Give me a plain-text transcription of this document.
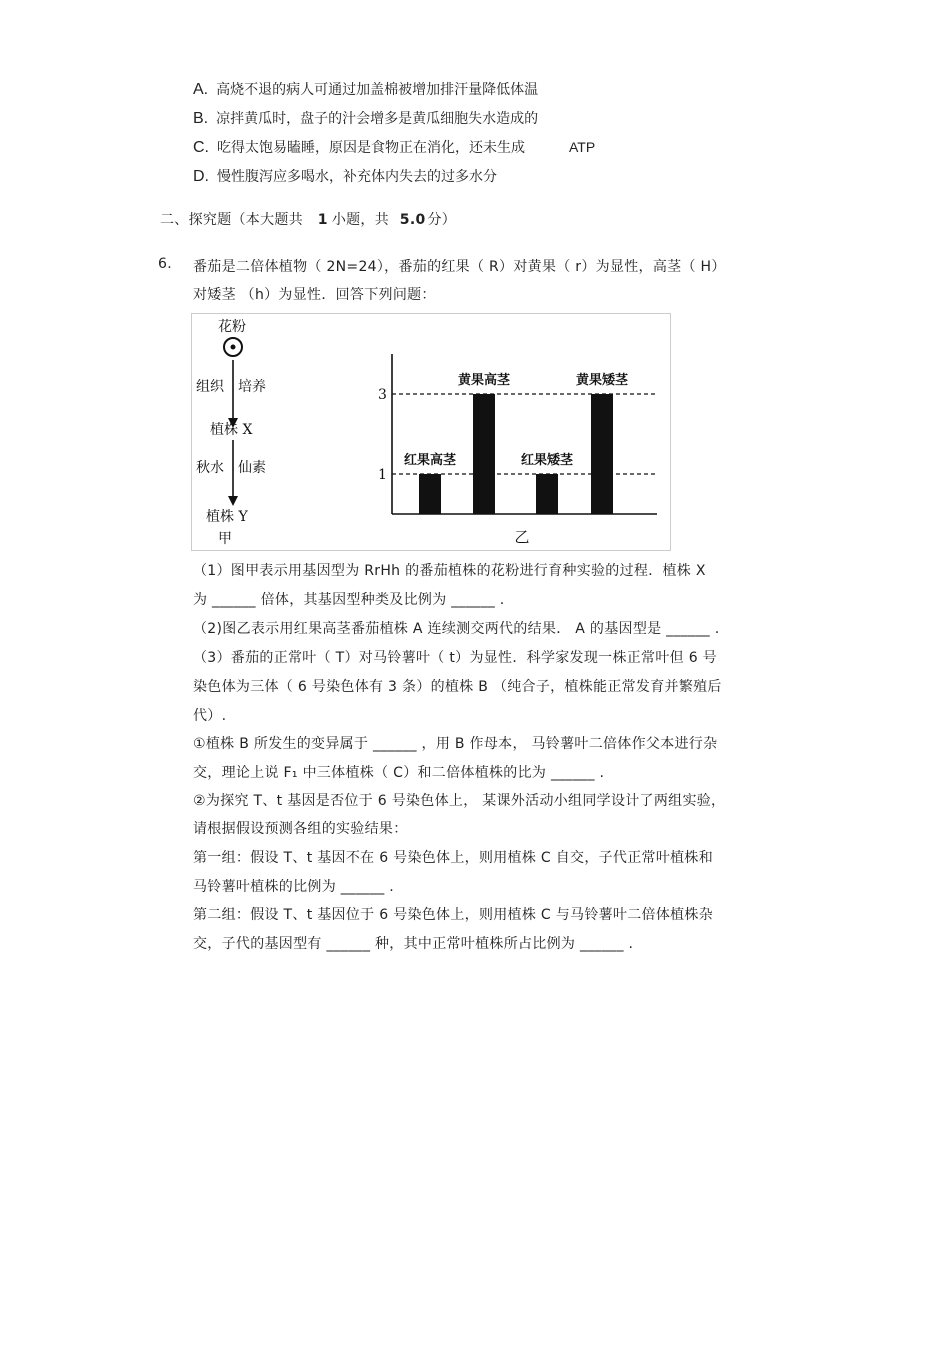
A. 高烧不退的病人可通过加盖棉被增加排汗量降低体温
B. 凉拌黄瓜时，盘子的汁会增多是黄瓜细胞失水造成的
C. 吃得太饱易瞌睡，原因是食物正在消化，还未生成	ATP
D. 慢性腹泻应多喝水，补充体内失去的过多水分
二、探究题（本大题共 1 小题，共 5.0 分）
6. 番茄是二倍体植物（ 2N=24），番茄的红果（ R）对黄果（ r）为显性，高茎（ H）
对矮茎 （h）为显性．回答下列问题：
花粉
组织 培养
植株 X
秋水 仙素
植株 Y
甲
1
3
红果高茎
黄果高茎
红果矮茎
黄果矮茎
乙
（1）图甲表示用基因型为 RrHh 的番茄植株的花粉进行育种实验的过程．植株 X
为 ______ 倍体，其基因型种类及比例为 ______ .
（2)图乙表示用红果高茎番茄植株 A 连续测交两代的结果． A 的基因型是 ______ .
（3）番茄的正常叶（ T）对马铃薯叶（ t）为显性．科学家发现一株正常叶但 6 号
染色体为三体（ 6 号染色体有 3 条）的植株 B （纯合子，植株能正常发育并繁殖后
代）.
①植株 B 所发生的变异属于 ______ ，用 B 作母本， 马铃薯叶二倍体作父本进行杂
交，理论上说 F₁ 中三体植株（ C）和二倍体植株的比为 ______ .
②为探究 T、t 基因是否位于 6 号染色体上， 某课外活动小组同学设计了两组实验，
请根据假设预测各组的实验结果：
第一组：假设 T、t 基因不在 6 号染色体上，则用植株 C 自交，子代正常叶植株和
马铃薯叶植株的比例为 ______ .
第二组：假设 T、t 基因位于 6 号染色体上，则用植株 C 与马铃薯叶二倍体植株杂
交，子代的基因型有 ______ 种，其中正常叶植株所占比例为 ______ .
